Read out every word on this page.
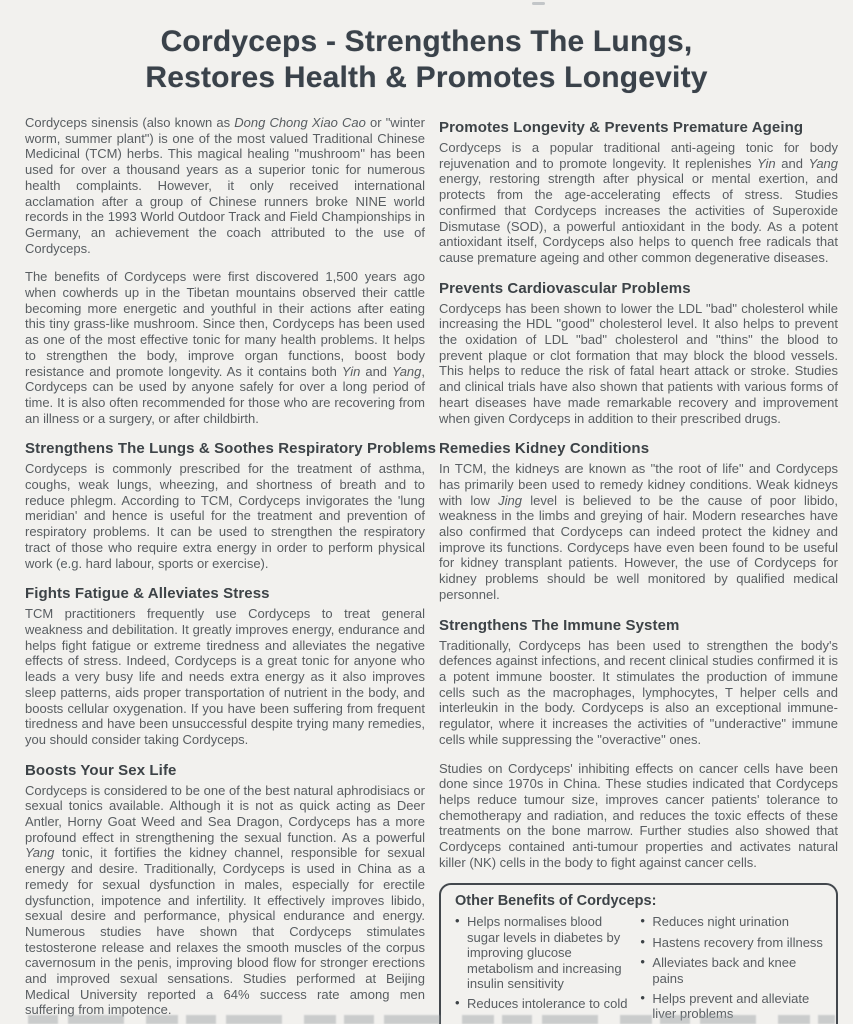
Cordyceps - Strengthens The Lungs,
Restores Health & Promotes Longevity

Cordyceps sinensis (also known as Dong Chong Xiao Cao or "winter worm, summer plant") is one of the most valued Traditional Chinese Medicinal (TCM) herbs. This magical healing "mushroom" has been used for over a thousand years as a superior tonic for numerous health complaints. However, it only received international acclamation after a group of Chinese runners broke NINE world records in the 1993 World Outdoor Track and Field Championships in Germany, an achievement the coach attributed to the use of Cordyceps.

The benefits of Cordyceps were first discovered 1,500 years ago when cowherds up in the Tibetan mountains observed their cattle becoming more energetic and youthful in their actions after eating this tiny grass-like mushroom. Since then, Cordyceps has been used as one of the most effective tonic for many health problems. It helps to strengthen the body, improve organ functions, boost body resistance and promote longevity. As it contains both Yin and Yang, Cordyceps can be used by anyone safely for over a long period of time. It is also often recommended for those who are recovering from an illness or a surgery, or after childbirth.

Strengthens The Lungs & Soothes Respiratory Problems

Cordyceps is commonly prescribed for the treatment of asthma, coughs, weak lungs, wheezing, and shortness of breath and to reduce phlegm. According to TCM, Cordyceps invigorates the 'lung meridian' and hence is useful for the treatment and prevention of respiratory problems. It can be used to strengthen the respiratory tract of those who require extra energy in order to perform physical work (e.g. hard labour, sports or exercise).

Fights Fatigue & Alleviates Stress

TCM practitioners frequently use Cordyceps to treat general weakness and debilitation. It greatly improves energy, endurance and helps fight fatigue or extreme tiredness and alleviates the negative effects of stress. Indeed, Cordyceps is a great tonic for anyone who leads a very busy life and needs extra energy as it also improves sleep patterns, aids proper transportation of nutrient in the body, and boosts cellular oxygenation. If you have been suffering from frequent tiredness and have been unsuccessful despite trying many remedies, you should consider taking Cordyceps.

Boosts Your Sex Life

Cordyceps is considered to be one of the best natural aphrodisiacs or sexual tonics available. Although it is not as quick acting as Deer Antler, Horny Goat Weed and Sea Dragon, Cordyceps has a more profound effect in strengthening the sexual function. As a powerful Yang tonic, it fortifies the kidney channel, responsible for sexual energy and desire. Traditionally, Cordyceps is used in China as a remedy for sexual dysfunction in males, especially for erectile dysfunction, impotence and infertility. It effectively improves libido, sexual desire and performance, physical endurance and energy. Numerous studies have shown that Cordyceps stimulates testosterone release and relaxes the smooth muscles of the corpus cavernosum in the penis, improving blood flow for stronger erections and improved sexual sensations. Studies performed at Beijing Medical University reported a 64% success rate among men suffering from impotence.

Promotes Longevity & Prevents Premature Ageing

Cordyceps is a popular traditional anti-ageing tonic for body rejuvenation and to promote longevity. It replenishes Yin and Yang energy, restoring strength after physical or mental exertion, and protects from the age-accelerating effects of stress. Studies confirmed that Cordyceps increases the activities of Superoxide Dismutase (SOD), a powerful antioxidant in the body. As a potent antioxidant itself, Cordyceps also helps to quench free radicals that cause premature ageing and other common degenerative diseases.

Prevents Cardiovascular Problems

Cordyceps has been shown to lower the LDL "bad" cholesterol while increasing the HDL "good" cholesterol level. It also helps to prevent the oxidation of LDL "bad" cholesterol and "thins" the blood to prevent plaque or clot formation that may block the blood vessels. This helps to reduce the risk of fatal heart attack or stroke. Studies and clinical trials have also shown that patients with various forms of heart diseases have made remarkable recovery and improvement when given Cordyceps in addition to their prescribed drugs.

Remedies Kidney Conditions

In TCM, the kidneys are known as "the root of life" and Cordyceps has primarily been used to remedy kidney conditions. Weak kidneys with low Jing level is believed to be the cause of poor libido, weakness in the limbs and greying of hair. Modern researches have also confirmed that Cordyceps can indeed protect the kidney and improve its functions. Cordyceps have even been found to be useful for kidney transplant patients. However, the use of Cordyceps for kidney problems should be well monitored by qualified medical personnel.

Strengthens The Immune System

Traditionally, Cordyceps has been used to strengthen the body's defences against infections, and recent clinical studies confirmed it is a potent immune booster. It stimulates the production of immune cells such as the macrophages, lymphocytes, T helper cells and interleukin in the body. Cordyceps is also an exceptional immune-regulator, where it increases the activities of "underactive" immune cells while suppressing the "overactive" ones.

Studies on Cordyceps' inhibiting effects on cancer cells have been done since 1970s in China. These studies indicated that Cordyceps helps reduce tumour size, improves cancer patients' tolerance to chemotherapy and radiation, and reduces the toxic effects of these treatments on the bone marrow. Further studies also showed that Cordyceps contained anti-tumour properties and activates natural killer (NK) cells in the body to fight against cancer cells.

Other Benefits of Cordyceps:
• Helps normalises blood sugar levels in diabetes by improving glucose metabolism and increasing insulin sensitivity
• Reduces intolerance to cold
• Reduces night urination
• Hastens recovery from illness
• Alleviates back and knee pains
• Helps prevent and alleviate liver problems
